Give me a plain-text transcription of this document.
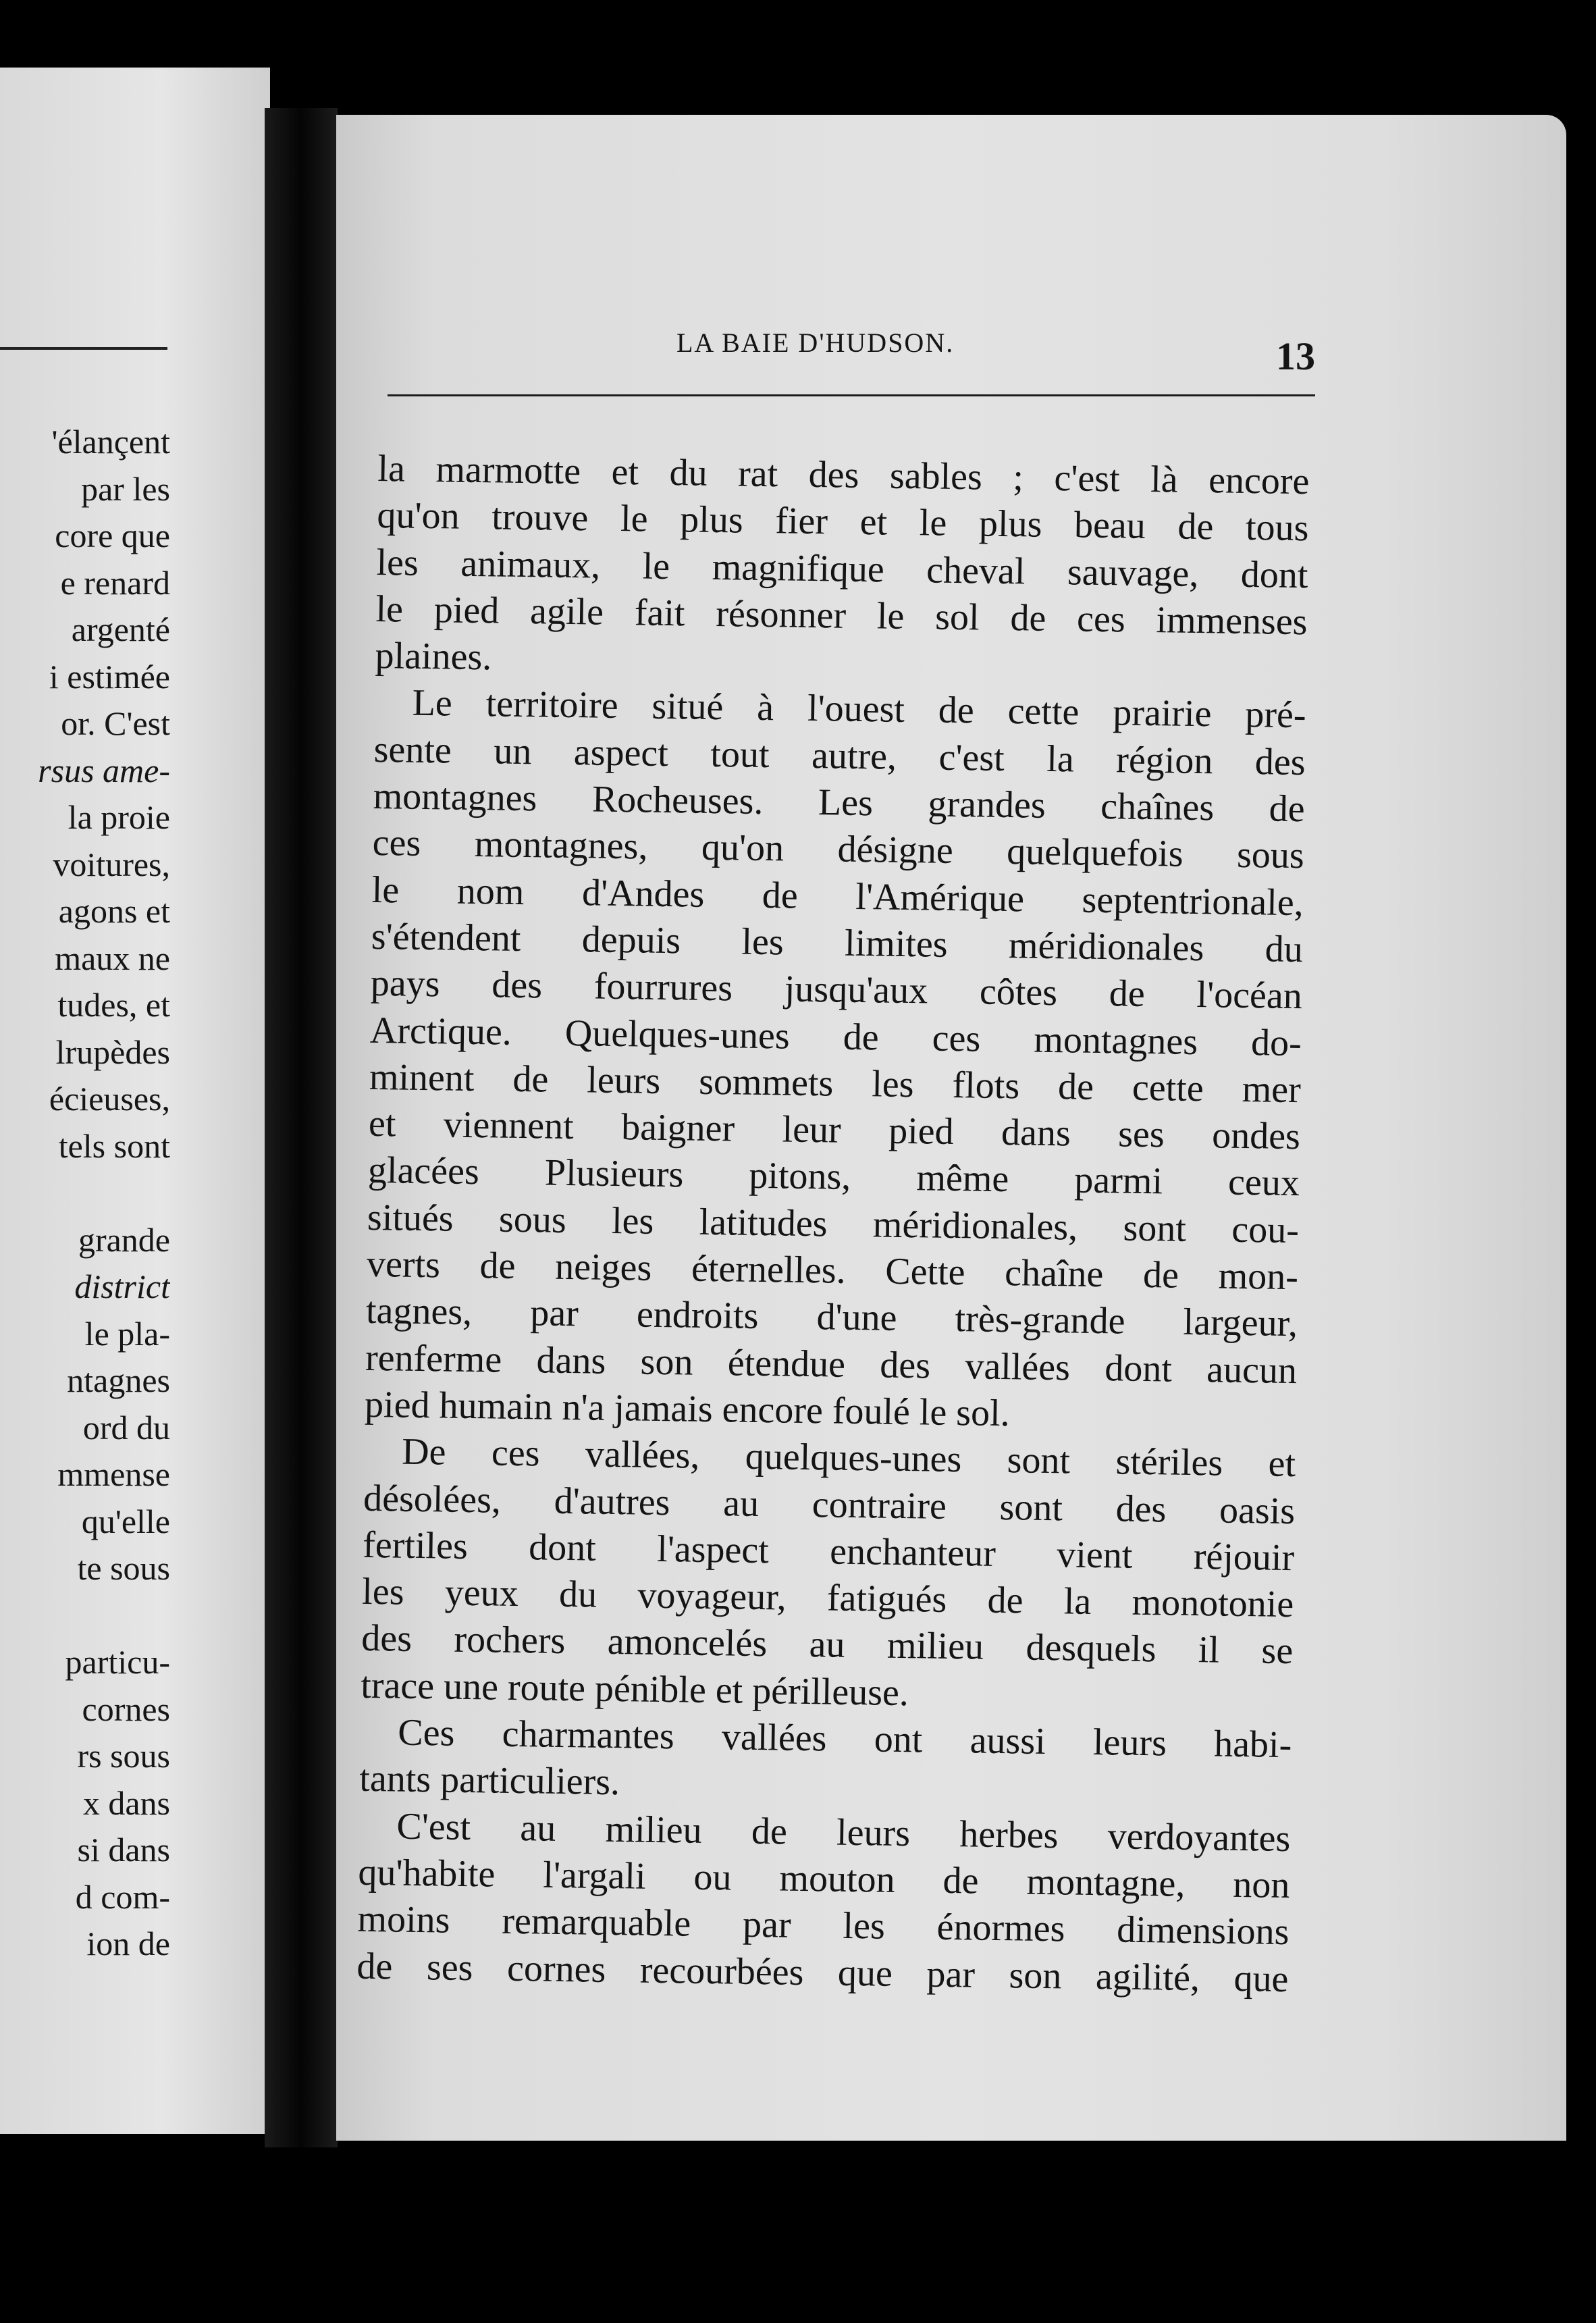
'élançent
par les
core que
e renard
argenté
i estimée
or. C'est
rsus ame-
la proie
voitures,
agons et
maux ne
tudes, et
lrupèdes
écieuses,
tels sont
grande
district
le pla-
ntagnes
ord du
mmense
qu'elle
te sous
particu-
cornes
rs sous
x dans
si dans
d com-
ion de
LA BAIE D'HUDSON.	13
la marmotte et du rat des sables ; c'est là encore
qu'on trouve le plus fier et le plus beau de tous
les animaux, le magnifique cheval sauvage, dont
le pied agile fait résonner le sol de ces immenses
plaines.
Le territoire situé à l'ouest de cette prairie pré-
sente un aspect tout autre, c'est la région des
montagnes Rocheuses. Les grandes chaînes de
ces montagnes, qu'on désigne quelquefois sous
le nom d'Andes de l'Amérique septentrionale,
s'étendent depuis les limites méridionales du
pays des fourrures jusqu'aux côtes de l'océan
Arctique. Quelques-unes de ces montagnes do-
minent de leurs sommets les flots de cette mer
et viennent baigner leur pied dans ses ondes
glacées Plusieurs pitons, même parmi ceux
situés sous les latitudes méridionales, sont cou-
verts de neiges éternelles. Cette chaîne de mon-
tagnes, par endroits d'une très-grande largeur,
renferme dans son étendue des vallées dont aucun
pied humain n'a jamais encore foulé le sol.
De ces vallées, quelques-unes sont stériles et
désolées, d'autres au contraire sont des oasis
fertiles dont l'aspect enchanteur vient réjouir
les yeux du voyageur, fatigués de la monotonie
des rochers amoncelés au milieu desquels il se
trace une route pénible et périlleuse.
Ces charmantes vallées ont aussi leurs habi-
tants particuliers.
C'est au milieu de leurs herbes verdoyantes
qu'habite l'argali ou mouton de montagne, non
moins remarquable par les énormes dimensions
de ses cornes recourbées que par son agilité, que
